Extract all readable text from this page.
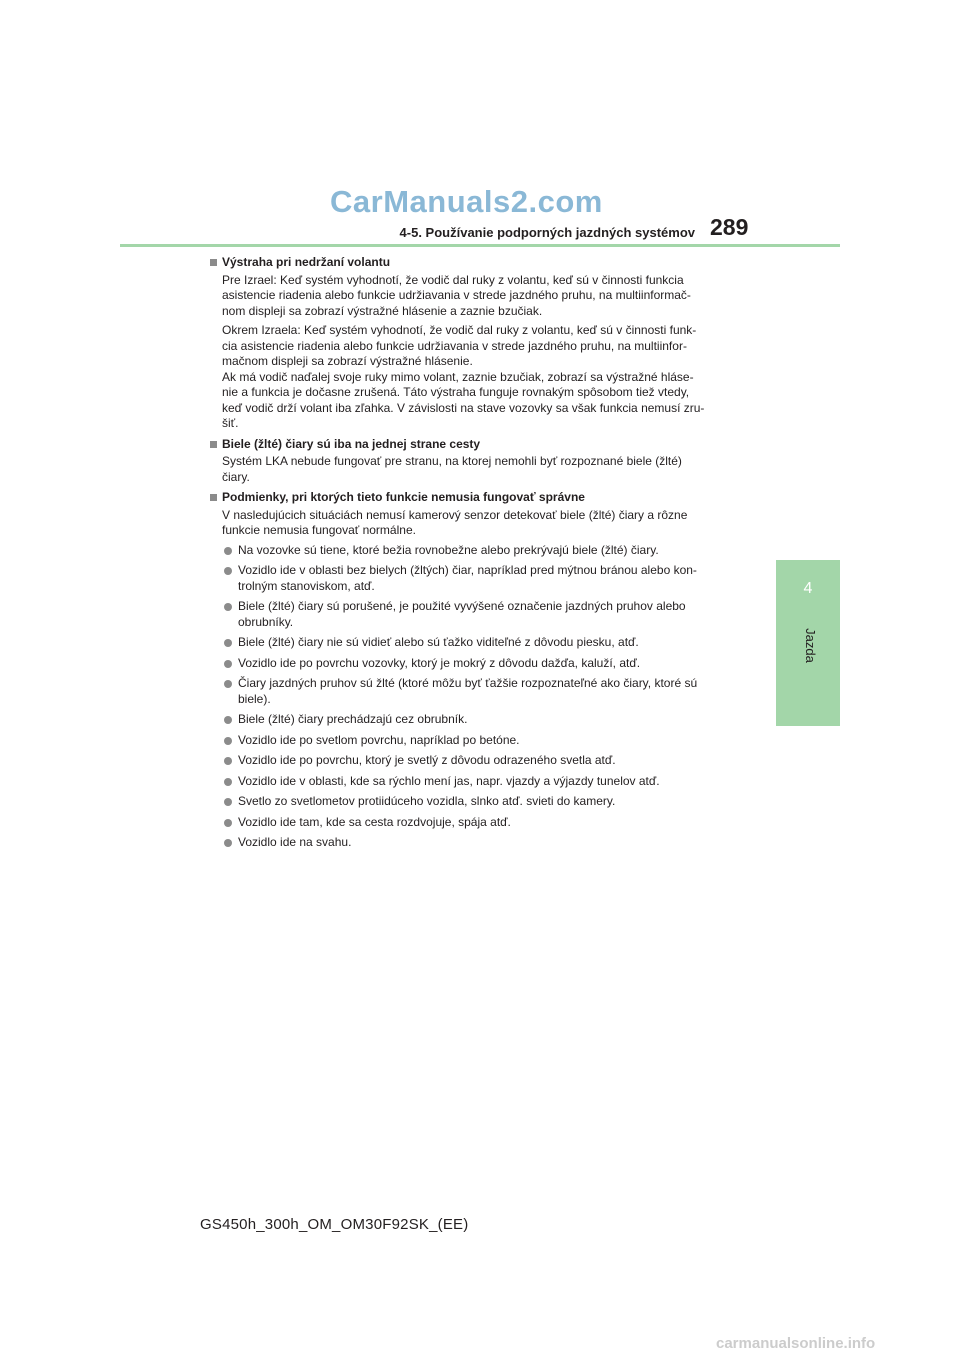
CarManuals2.com
4-5. Používanie podporných jazdných systémov 289
4
Jazda
Výstraha pri nedržaní volantu
Pre Izrael: Keď systém vyhodnotí, že vodič dal ruky z volantu, keď sú v činnosti funkcia
asistencie riadenia alebo funkcie udržiavania v strede jazdného pruhu, na multiinformač-
nom displeji sa zobrazí výstražné hlásenie a zaznie bzučiak.
Okrem Izraela: Keď systém vyhodnotí, že vodič dal ruky z volantu, keď sú v činnosti funk-
cia asistencie riadenia alebo funkcie udržiavania v strede jazdného pruhu, na multiinfor-
mačnom displeji sa zobrazí výstražné hlásenie.
Ak má vodič naďalej svoje ruky mimo volant, zaznie bzučiak, zobrazí sa výstražné hláse-
nie a funkcia je dočasne zrušená. Táto výstraha funguje rovnakým spôsobom tiež vtedy,
keď vodič drží volant iba zľahka. V závislosti na stave vozovky sa však funkcia nemusí zru-
šiť.
Biele (žlté) čiary sú iba na jednej strane cesty
Systém LKA nebude fungovať pre stranu, na ktorej nemohli byť rozpoznané biele (žlté)
čiary.
Podmienky, pri ktorých tieto funkcie nemusia fungovať správne
V nasledujúcich situáciách nemusí kamerový senzor detekovať biele (žlté) čiary a rôzne
funkcie nemusia fungovať normálne.
Na vozovke sú tiene, ktoré bežia rovnobežne alebo prekrývajú biele (žlté) čiary.
Vozidlo ide v oblasti bez bielych (žltých) čiar, napríklad pred mýtnou bránou alebo kon-
trolným stanoviskom, atď.
Biele (žlté) čiary sú porušené, je použité vyvýšené označenie jazdných pruhov alebo
obrubníky.
Biele (žlté) čiary nie sú vidieť alebo sú ťažko viditeľné z dôvodu piesku, atď.
Vozidlo ide po povrchu vozovky, ktorý je mokrý z dôvodu dažďa, kaluží, atď.
Čiary jazdných pruhov sú žlté (ktoré môžu byť ťažšie rozpoznateľné ako čiary, ktoré sú
biele).
Biele (žlté) čiary prechádzajú cez obrubník.
Vozidlo ide po svetlom povrchu, napríklad po betóne.
Vozidlo ide po povrchu, ktorý je svetlý z dôvodu odrazeného svetla atď.
Vozidlo ide v oblasti, kde sa rýchlo mení jas, napr. vjazdy a výjazdy tunelov atď.
Svetlo zo svetlometov protiidúceho vozidla, slnko atď. svieti do kamery.
Vozidlo ide tam, kde sa cesta rozdvojuje, spája atď.
Vozidlo ide na svahu.
GS450h_300h_OM_OM30F92SK_(EE)
carmanualsonline.info
